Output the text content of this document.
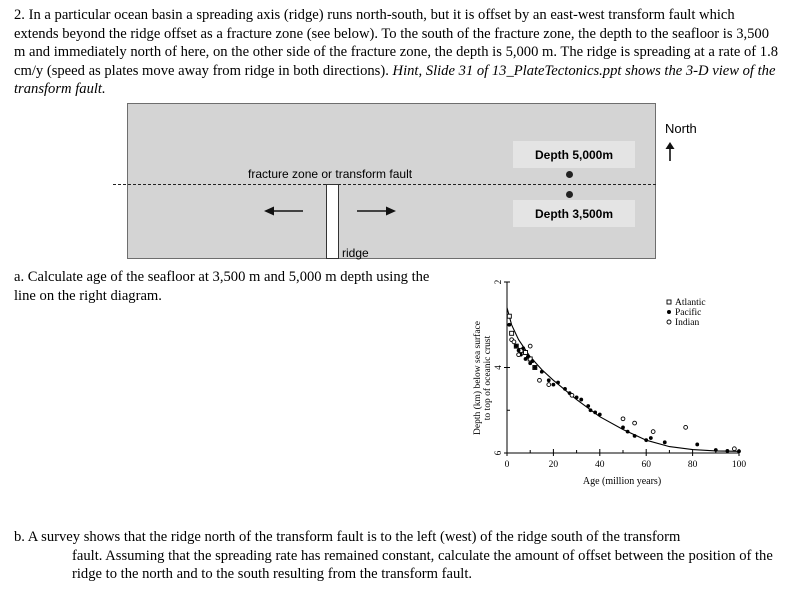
2. In a particular ocean basin a spreading axis (ridge) runs north-south, but it is offset by an east-west transform fault which extends beyond the ridge offset as a fracture zone (see below). To the south of the fracture zone, the depth to the seafloor is 3,500 m and immediately north of here, on the other side of the fracture zone, the depth is 5,000 m. The ridge is spreading at a rate of 1.8 cm/y (speed as plates move away from ridge in both directions). Hint, Slide 31 of 13_PlateTectonics.ppt shows the 3-D view of the transform fault.
fracture zone or transform fault
ridge
Depth 5,000m
Depth 3,500m
North
a. Calculate age of the seafloor at 3,500 m and 5,000 m depth using the line on the right diagram.
0	20	40	60	80	100
2
4
6
Atlantic
Pacific
Indian
Depth (km) below sea surface to top of oceanic crust
Age (million years)
b. A survey shows that the ridge north of the transform fault is to the left (west) of the ridge south of the transform
fault. Assuming that the spreading rate has remained constant, calculate the amount of offset between the position of the ridge to the north and to the south resulting from the transform fault.
